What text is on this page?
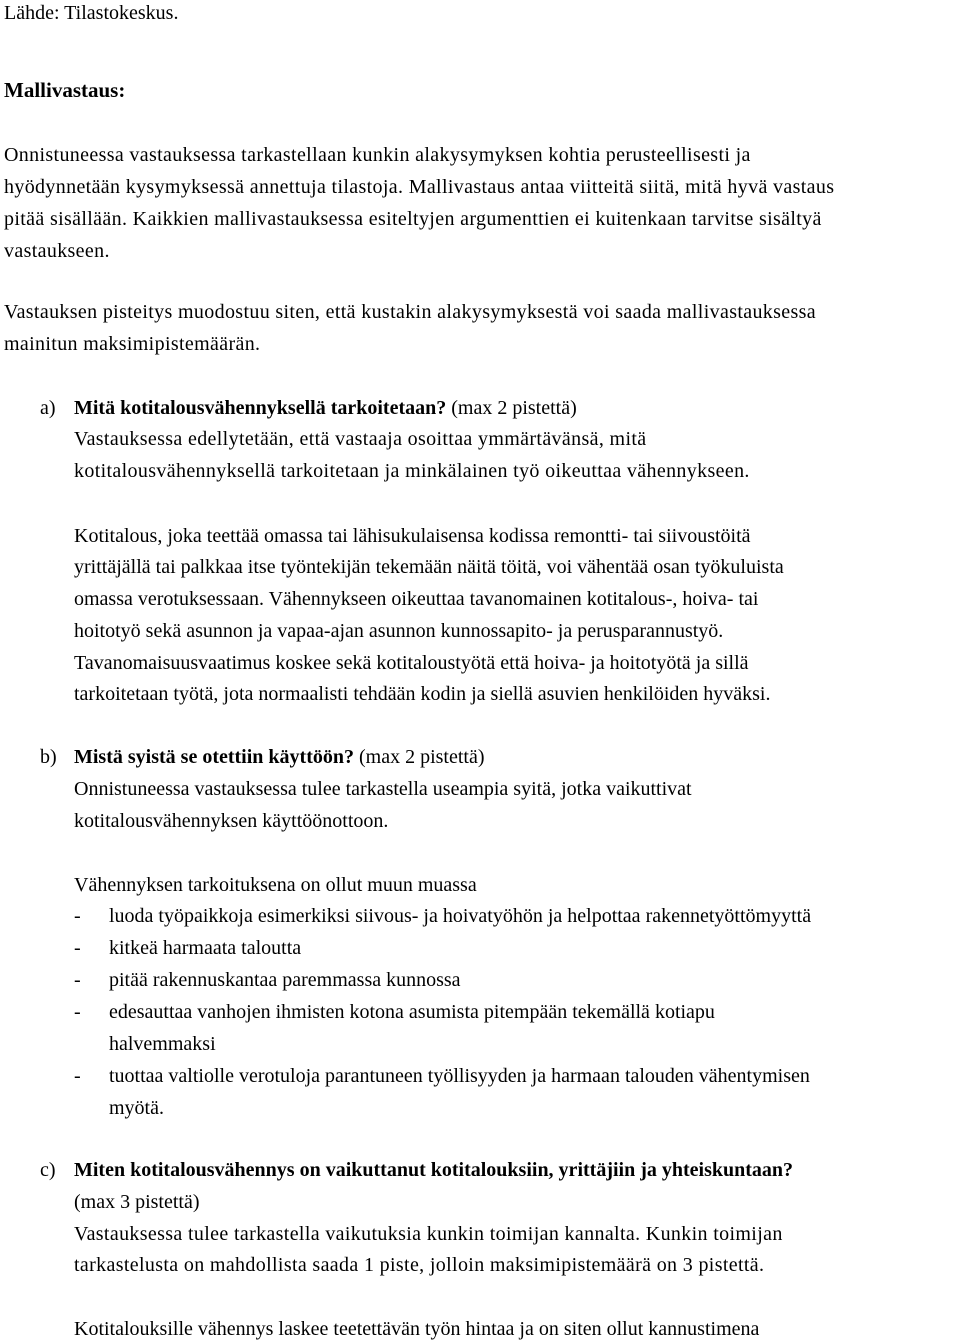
Lähde: Tilastokeskus.
Mallivastaus:
Onnistuneessa vastauksessa tarkastellaan kunkin alakysymyksen kohtia perusteellisesti ja
hyödynnetään kysymyksessä annettuja tilastoja. Mallivastaus antaa viitteitä siitä, mitä hyvä vastaus
pitää sisällään. Kaikkien mallivastauksessa esiteltyjen argumenttien ei kuitenkaan tarvitse sisältyä
vastaukseen.
Vastauksen pisteitys muodostuu siten, että kustakin alakysymyksestä voi saada mallivastauksessa
mainitun maksimipistemäärän.
a) Mitä kotitalousvähennyksellä tarkoitetaan? (max 2 pistettä)
Vastauksessa edellytetään, että vastaaja osoittaa ymmärtävänsä, mitä
kotitalousvähennyksellä tarkoitetaan ja minkälainen työ oikeuttaa vähennykseen.
Kotitalous, joka teettää omassa tai lähisukulaisensa kodissa remontti- tai siivoustöitä
yrittäjällä tai palkkaa itse työntekijän tekemään näitä töitä, voi vähentää osan työkuluista
omassa verotuksessaan. Vähennykseen oikeuttaa tavanomainen kotitalous-, hoiva- tai
hoitotyö sekä asunnon ja vapaa-ajan asunnon kunnossapito- ja perusparannustyö.
Tavanomaisuusvaatimus koskee sekä kotitaloustyötä että hoiva- ja hoitotyötä ja sillä
tarkoitetaan työtä, jota normaalisti tehdään kodin ja siellä asuvien henkilöiden hyväksi.
b) Mistä syistä se otettiin käyttöön? (max 2 pistettä)
Onnistuneessa vastauksessa tulee tarkastella useampia syitä, jotka vaikuttivat
kotitalousvähennyksen käyttöönottoon.
Vähennyksen tarkoituksena on ollut muun muassa
- luoda työpaikkoja esimerkiksi siivous- ja hoivatyöhön ja helpottaa rakennetyöttömyyttä
- kitkeä harmaata taloutta
- pitää rakennuskantaa paremmassa kunnossa
- edesauttaa vanhojen ihmisten kotona asumista pitempään tekemällä kotiapu
halvemmaksi
- tuottaa valtiolle verotuloja parantuneen työllisyyden ja harmaan talouden vähentymisen
myötä.
c) Miten kotitalousvähennys on vaikuttanut kotitalouksiin, yrittäjiin ja yhteiskuntaan?
(max 3 pistettä)
Vastauksessa tulee tarkastella vaikutuksia kunkin toimijan kannalta. Kunkin toimijan
tarkastelusta on mahdollista saada 1 piste, jolloin maksimipistemäärä on 3 pistettä.
Kotitalouksille vähennys laskee teetettävän työn hintaa ja on siten ollut kannustimena
